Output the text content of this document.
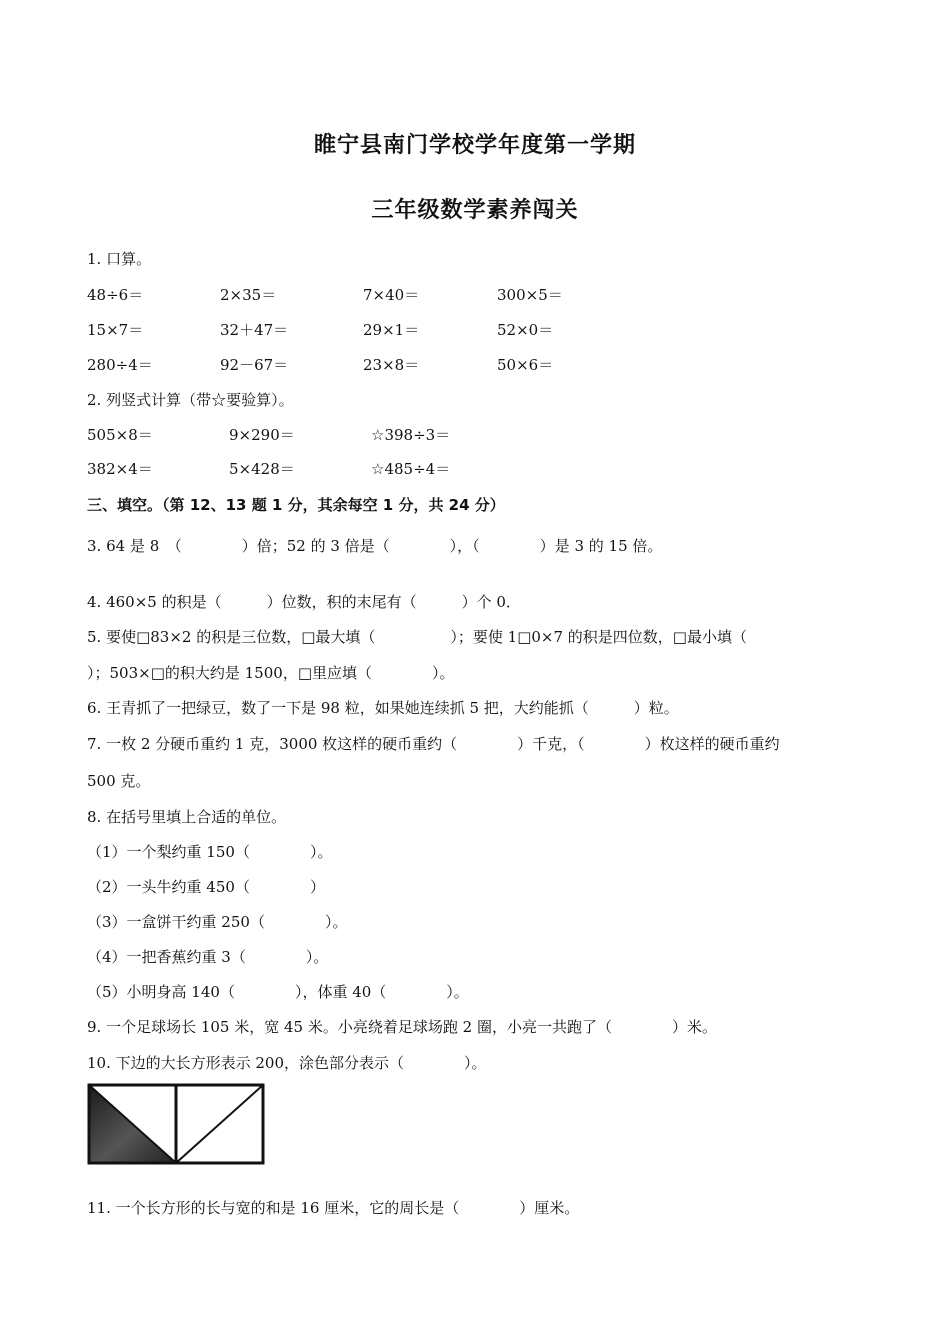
睢宁县南门学校学年度第一学期
三年级数学素养闯关
1. 口算。
48÷6＝	2×35＝	7×40＝	300×5＝
15×7＝	32＋47＝	29×1＝	52×0＝
280÷4＝	92－67＝	23×8＝	50×6＝
2. 列竖式计算（带☆要验算）。
505×8＝	9×290＝	☆398÷3＝
382×4＝	5×428＝	☆485÷4＝
三、填空。（第 12、13 题 1 分，其余每空 1 分，共 24 分）
3. 64 是 8　（　　　　）倍；52 的 3 倍是（　　　　），（　　　　）是 3 的 15 倍。
4. 460×5 的积是（　　　）位数，积的末尾有（　　　）个 0．
5. 要使□83×2 的积是三位数，□最大填（　　　　　）；要使 1□0×7 的积是四位数，□最小填（
）；503×□的积大约是 1500，□里应填（　　　　）。
6. 王青抓了一把绿豆，数了一下是 98 粒，如果她连续抓 5 把，大约能抓（　　　）粒。
7. 一枚 2 分硬币重约 1 克，3000 枚这样的硬币重约（　　　　）千克，（　　　　）枚这样的硬币重约
500 克。
8. 在括号里填上合适的单位。
（1）一个梨约重 150（　　　　）。
（2）一头牛约重 450（　　　　）
（3）一盒饼干约重 250（　　　　）。
（4）一把香蕉约重 3（　　　　）。
（5）小明身高 140（　　　　），体重 40（　　　　）。
9. 一个足球场长 105 米，宽 45 米。小亮绕着足球场跑 2 圈，小亮一共跑了（　　　　）米。
10. 下边的大长方形表示 200，涂色部分表示（　　　　）。
11. 一个长方形的长与宽的和是 16 厘米，它的周长是（　　　　）厘米。
